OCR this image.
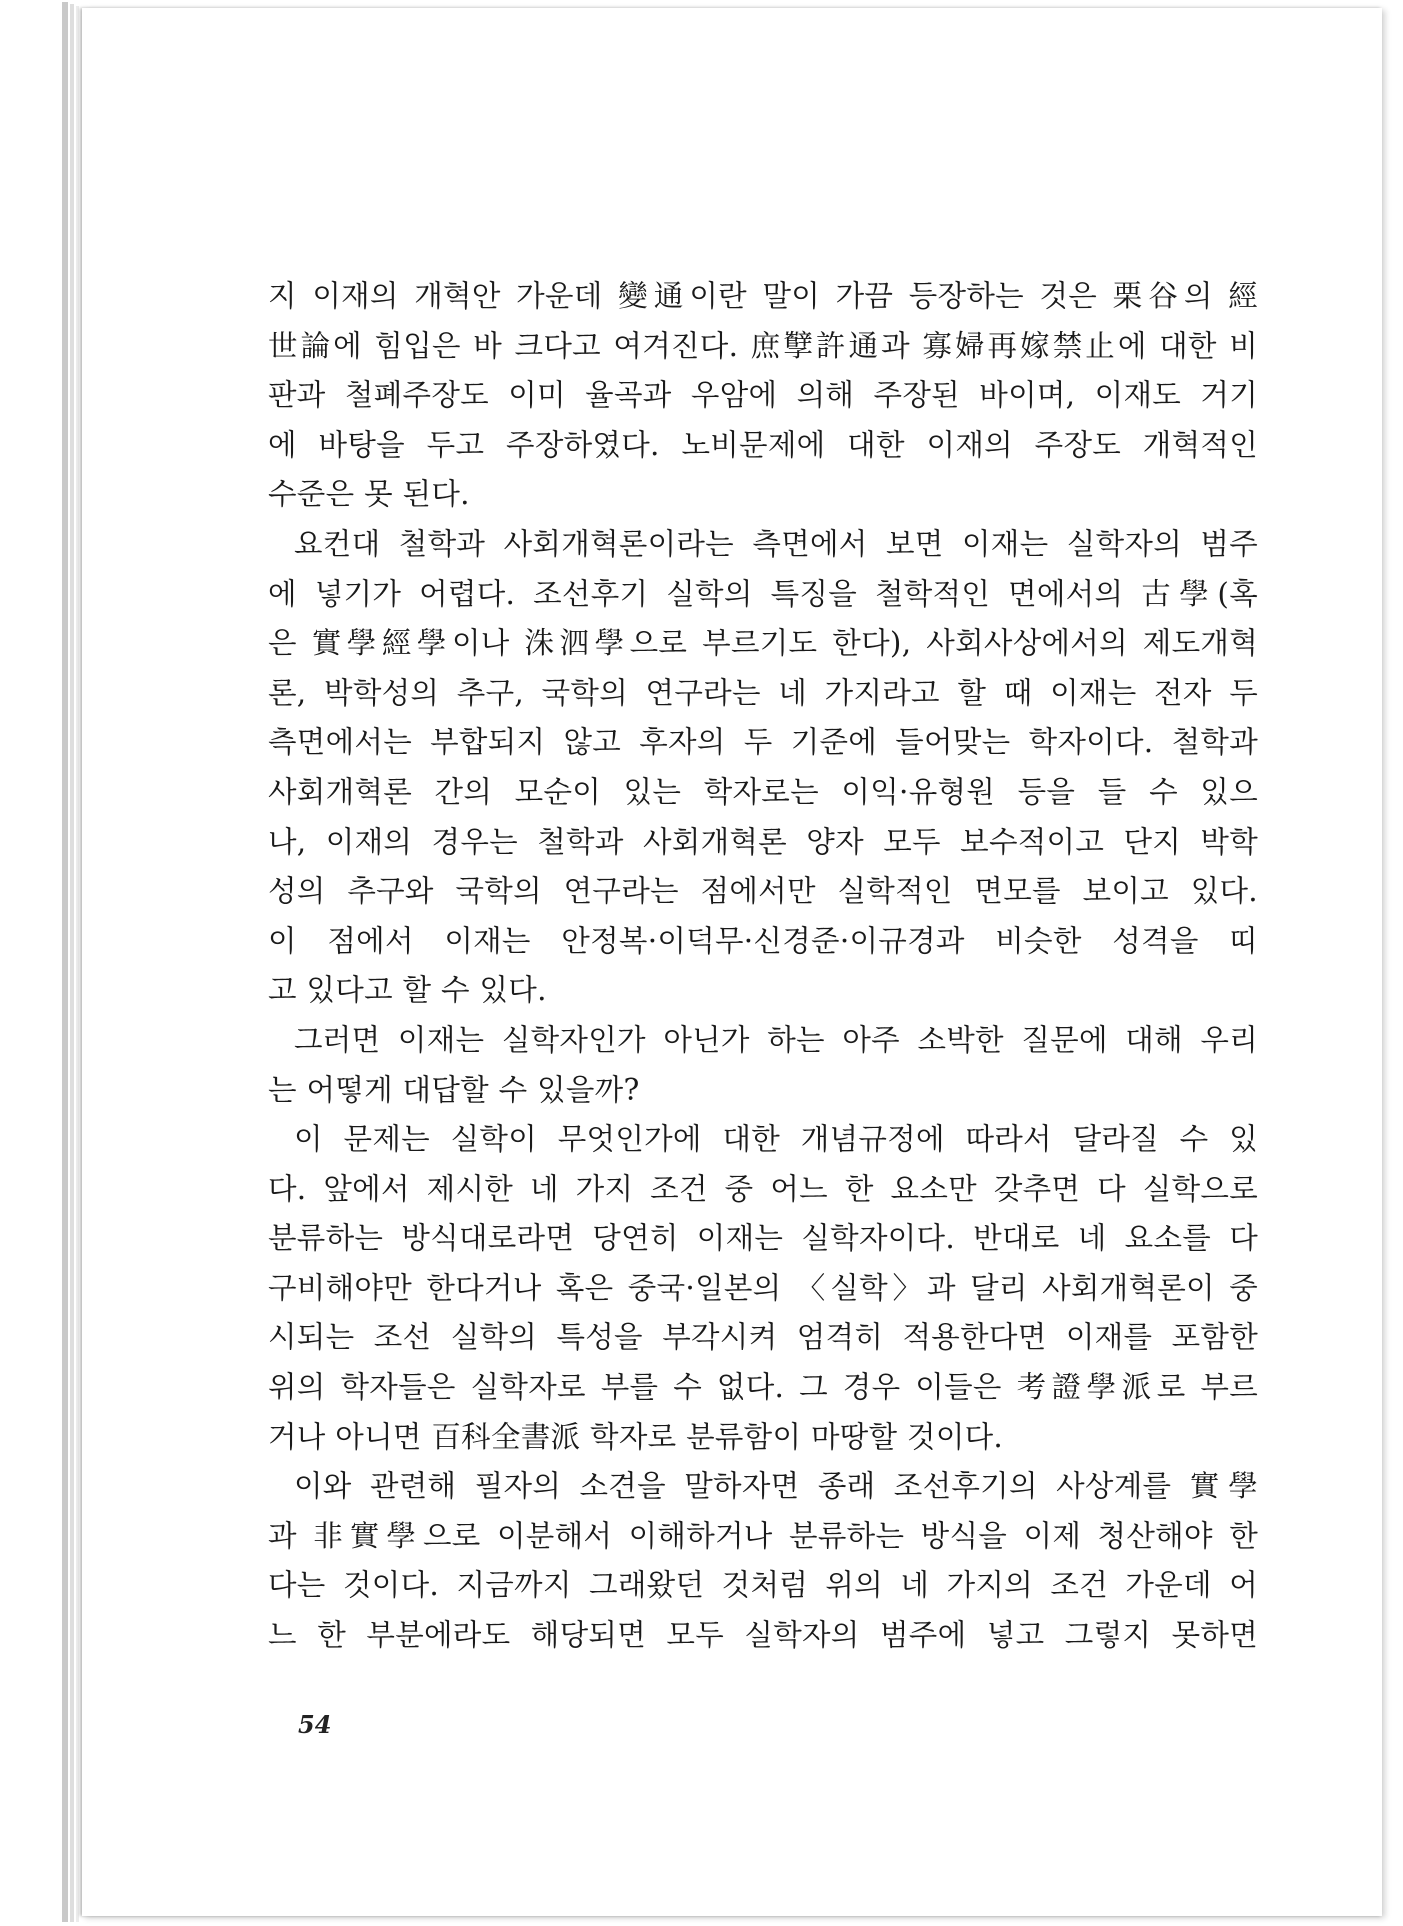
지 이재의 개혁안 가운데 變通이란 말이 가끔 등장하는 것은 栗谷의 經
世論에 힘입은 바 크다고 여겨진다. 庶孼許通과 寡婦再嫁禁止에 대한 비
판과 철폐주장도 이미 율곡과 우암에 의해 주장된 바이며, 이재도 거기
에 바탕을 두고 주장하였다. 노비문제에 대한 이재의 주장도 개혁적인
수준은 못 된다.
요컨대 철학과 사회개혁론이라는 측면에서 보면 이재는 실학자의 범주
에 넣기가 어렵다. 조선후기 실학의 특징을 철학적인 면에서의 古學(혹
은 實學經學이나 洙泗學으로 부르기도 한다), 사회사상에서의 제도개혁
론, 박학성의 추구, 국학의 연구라는 네 가지라고 할 때 이재는 전자 두
측면에서는 부합되지 않고 후자의 두 기준에 들어맞는 학자이다. 철학과
사회개혁론 간의 모순이 있는 학자로는 이익·유형원 등을 들 수 있으
나, 이재의 경우는 철학과 사회개혁론 양자 모두 보수적이고 단지 박학
성의 추구와 국학의 연구라는 점에서만 실학적인 면모를 보이고 있다.
이 점에서 이재는 안정복·이덕무·신경준·이규경과 비슷한 성격을 띠
고 있다고 할 수 있다.
그러면 이재는 실학자인가 아닌가 하는 아주 소박한 질문에 대해 우리
는 어떻게 대답할 수 있을까?
이 문제는 실학이 무엇인가에 대한 개념규정에 따라서 달라질 수 있
다. 앞에서 제시한 네 가지 조건 중 어느 한 요소만 갖추면 다 실학으로
분류하는 방식대로라면 당연히 이재는 실학자이다. 반대로 네 요소를 다
구비해야만 한다거나 혹은 중국·일본의 〈실학〉과 달리 사회개혁론이 중
시되는 조선 실학의 특성을 부각시켜 엄격히 적용한다면 이재를 포함한
위의 학자들은 실학자로 부를 수 없다. 그 경우 이들은 考證學派로 부르
거나 아니면 百科全書派 학자로 분류함이 마땅할 것이다.
이와 관련해 필자의 소견을 말하자면 종래 조선후기의 사상계를 實學
과 非實學으로 이분해서 이해하거나 분류하는 방식을 이제 청산해야 한
다는 것이다. 지금까지 그래왔던 것처럼 위의 네 가지의 조건 가운데 어
느 한 부분에라도 해당되면 모두 실학자의 범주에 넣고 그렇지 못하면
54
